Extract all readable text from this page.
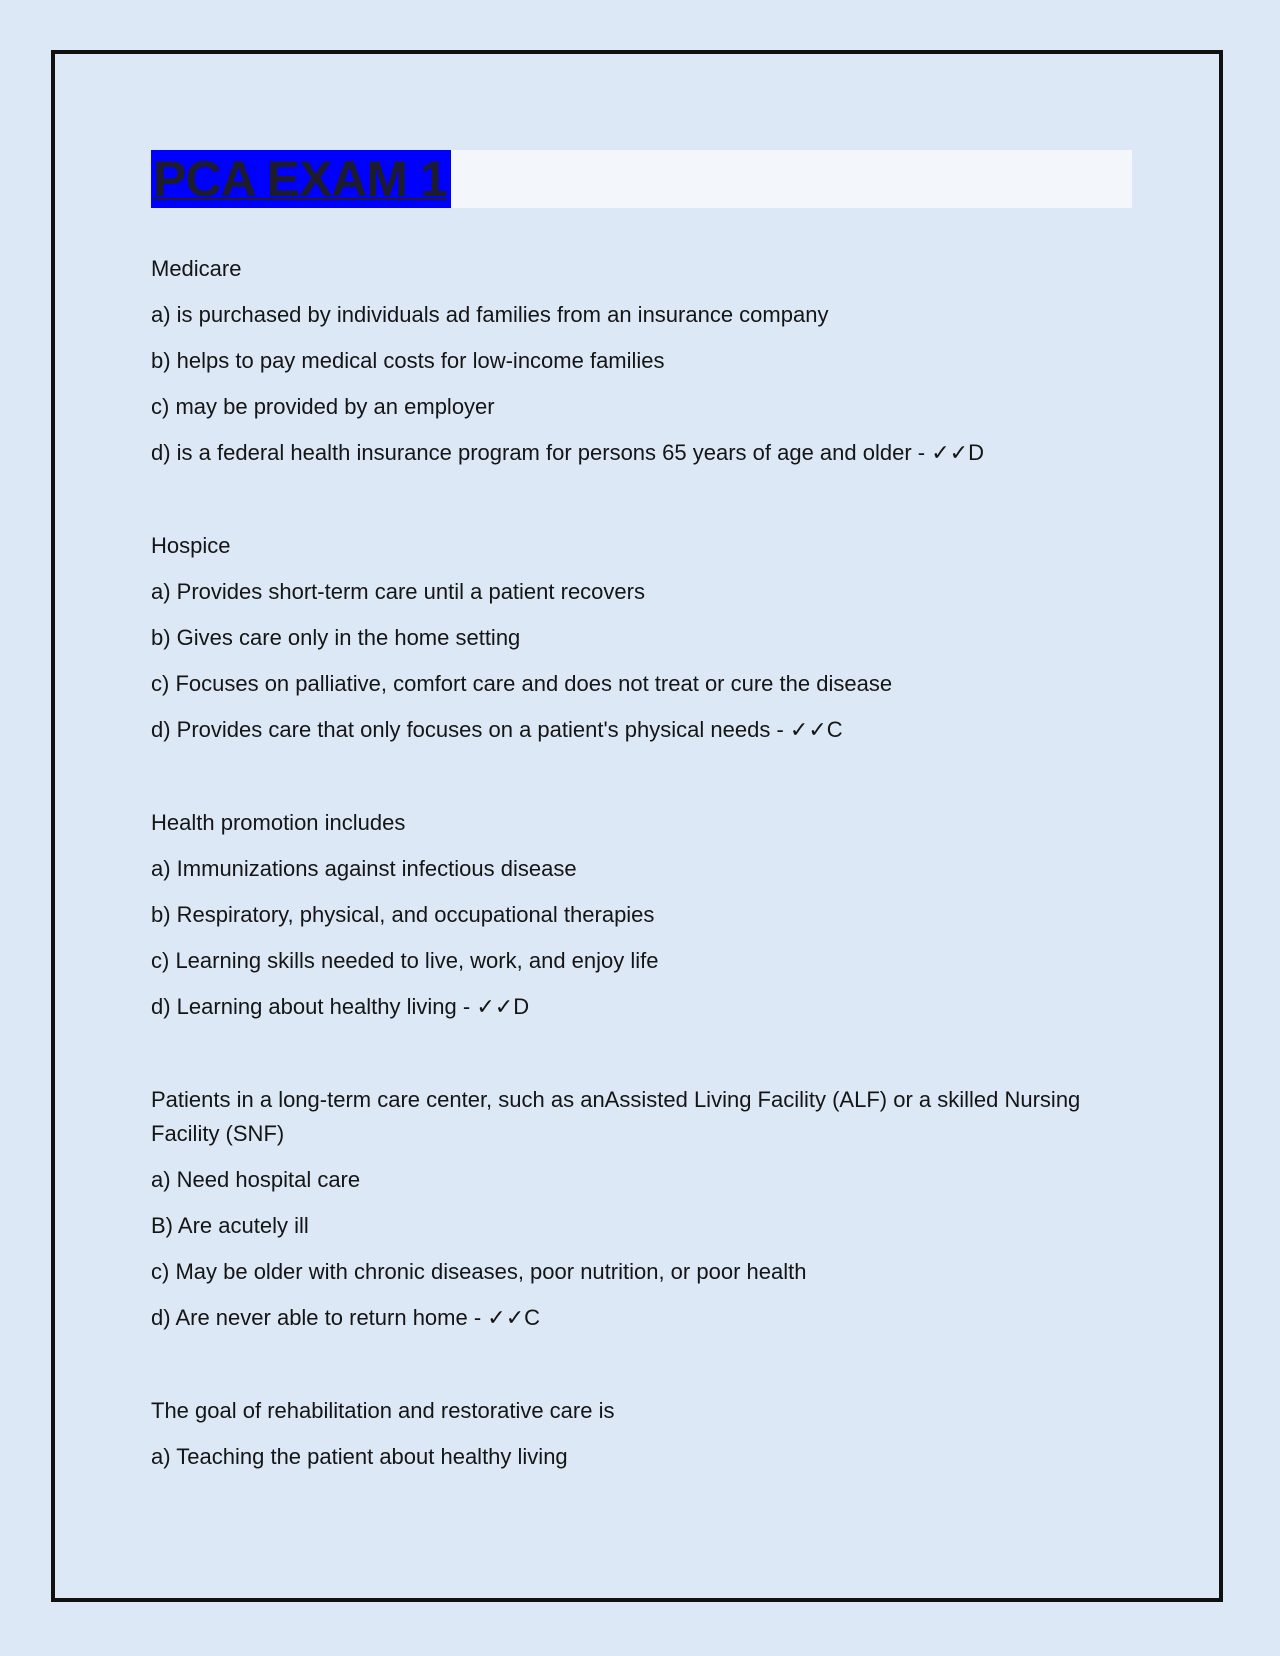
PCA EXAM 1

Medicare

a) is purchased by individuals ad families from an insurance company

b) helps to pay medical costs for low-income families

c) may be provided by an employer

d) is a federal health insurance program for persons 65 years of age and older - ✓✓D

Hospice

a) Provides short-term care until a patient recovers

b) Gives care only in the home setting

c) Focuses on palliative, comfort care and does not treat or cure the disease

d) Provides care that only focuses on a patient's physical needs - ✓✓C

Health promotion includes

a) Immunizations against infectious disease

b) Respiratory, physical, and occupational therapies

c) Learning skills needed to live, work, and enjoy life

d) Learning about healthy living - ✓✓D

Patients in a long-term care center, such as anAssisted Living Facility (ALF) or a skilled Nursing Facility (SNF)

a) Need hospital care

B) Are acutely ill

c) May be older with chronic diseases, poor nutrition, or poor health

d) Are never able to return home - ✓✓C

The goal of rehabilitation and restorative care is

a) Teaching the patient about healthy living
